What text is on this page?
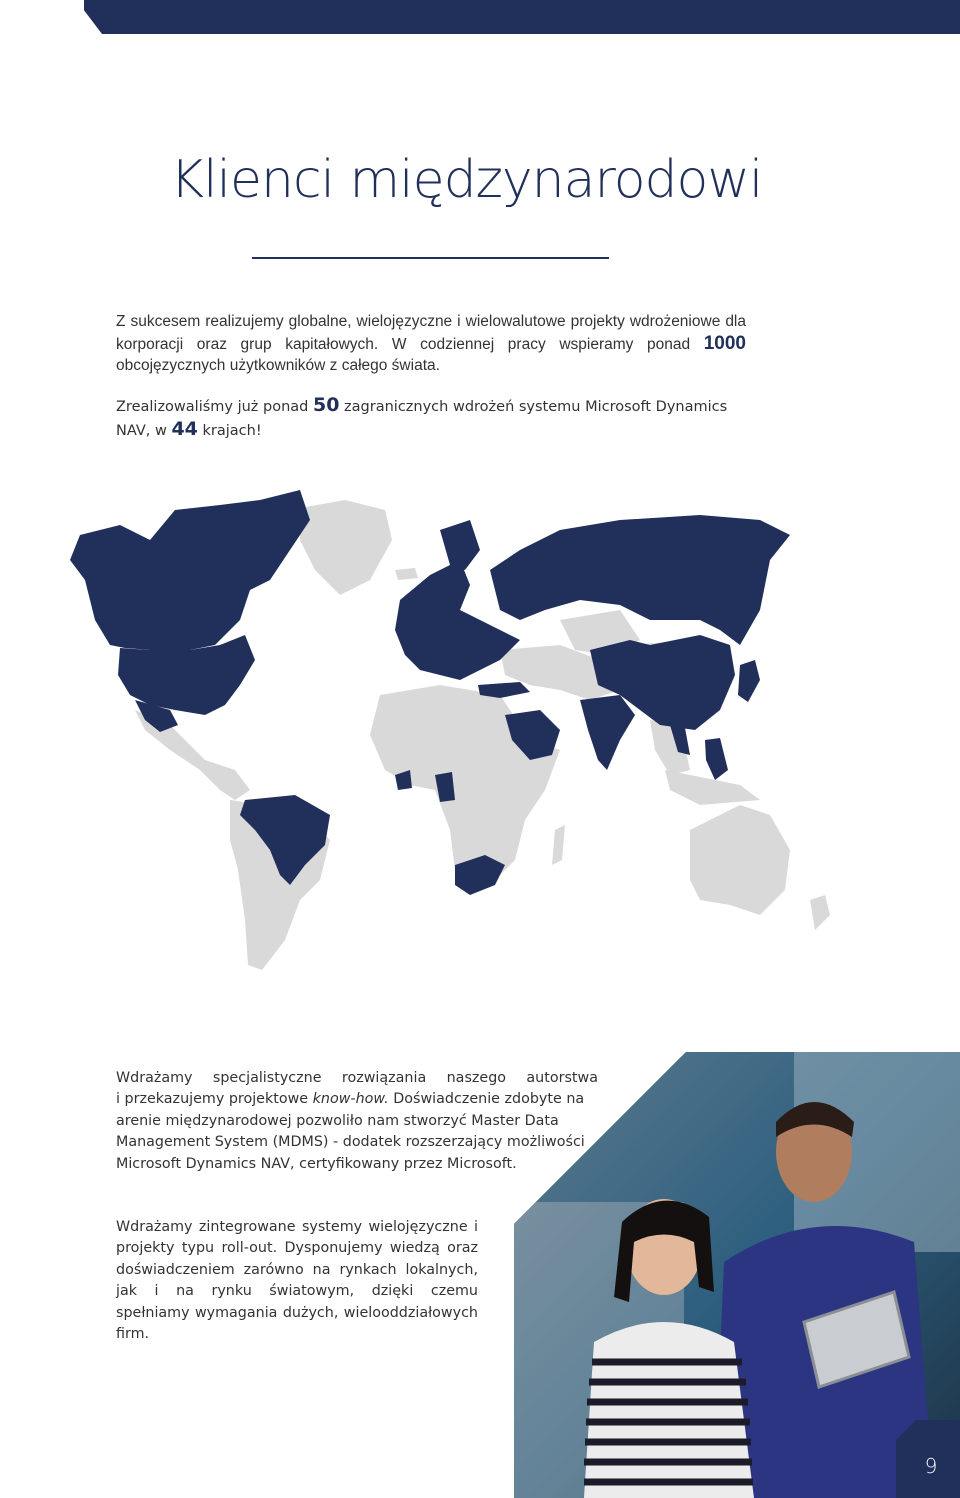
Klienci międzynarodowi

Z sukcesem realizujemy globalne, wielojęzyczne i wielowalutowe projekty wdrożeniowe dla korporacji oraz grup kapitałowych. W codziennej pracy wspieramy ponad 1000 obcojęzycznych użytkowników z całego świata.

Zrealizowaliśmy już ponad 50 zagranicznych wdrożeń systemu Microsoft Dynamics NAV, w 44 krajach!

Wdrażamy specjalistyczne rozwiązania naszego autorstwa
i przekazujemy projektowe know-how. Doświadczenie zdobyte na arenie międzynarodowej pozwoliło nam stworzyć Master Data Management System (MDMS) - dodatek rozszerzający możliwości Microsoft Dynamics NAV, certyfikowany przez Microsoft.

Wdrażamy zintegrowane systemy wielojęzyczne i projekty typu roll-out. Dysponujemy wiedzą oraz doświadczeniem zarówno na rynkach lokalnych, jak i na rynku światowym, dzięki czemu spełniamy wymagania dużych, wielooddziałowych firm.

9
